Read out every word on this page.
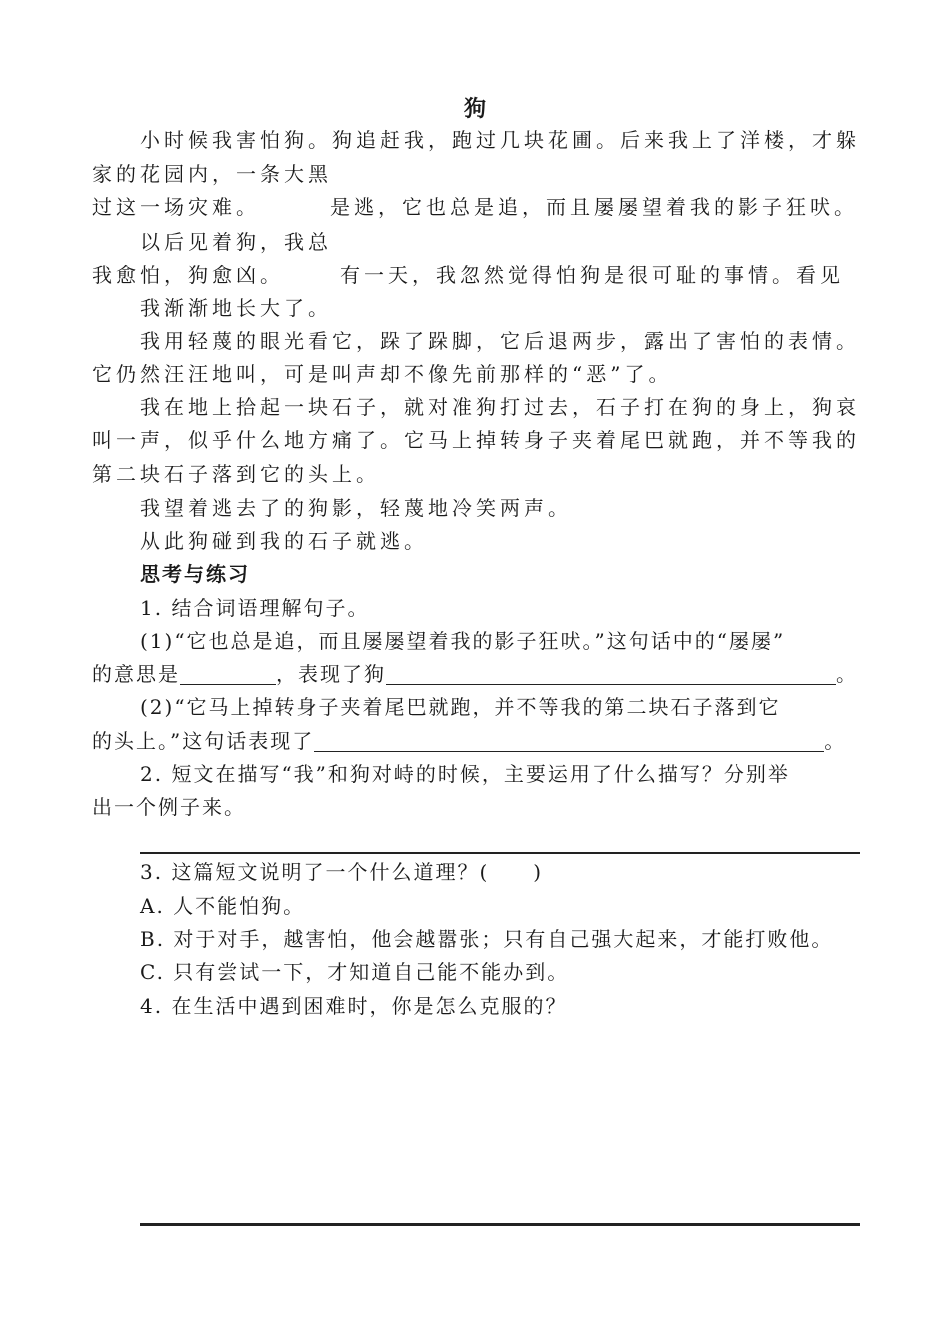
狗
小时候我害怕狗。狗追赶我，跑过几块花圃。后来我上了洋楼，才躲
家的花园内，一条大黑
过这一场灾难。	是逃，它也总是追，而且屡屡望着我的影子狂吠。
以后见着狗，我总
我愈怕，狗愈凶。	有一天，我忽然觉得怕狗是很可耻的事情。看见
我渐渐地长大了。
我用轻蔑的眼光看它，跺了跺脚，它后退两步，露出了害怕的表情。
它仍然汪汪地叫，可是叫声却不像先前那样的“恶”了。
我在地上拾起一块石子，就对准狗打过去，石子打在狗的身上，狗哀
叫一声，似乎什么地方痛了。它马上掉转身子夹着尾巴就跑，并不等我的
第二块石子落到它的头上。
我望着逃去了的狗影，轻蔑地冷笑两声。
从此狗碰到我的石子就逃。
思考与练习
1. 结合词语理解句子。
(1)“它也总是追，而且屡屡望着我的影子狂吠。”这句话中的“屡屡”
的意思是	，表现了狗	。
(2)“它马上掉转身子夹着尾巴就跑，并不等我的第二块石子落到它
的头上。”这句话表现了	。
2. 短文在描写“我”和狗对峙的时候，主要运用了什么描写？分别举
出一个例子来。
3. 这篇短文说明了一个什么道理？(　　)
A. 人不能怕狗。
B. 对于对手，越害怕，他会越嚣张；只有自己强大起来，才能打败他。
C. 只有尝试一下，才知道自己能不能办到。
4. 在生活中遇到困难时，你是怎么克服的？
